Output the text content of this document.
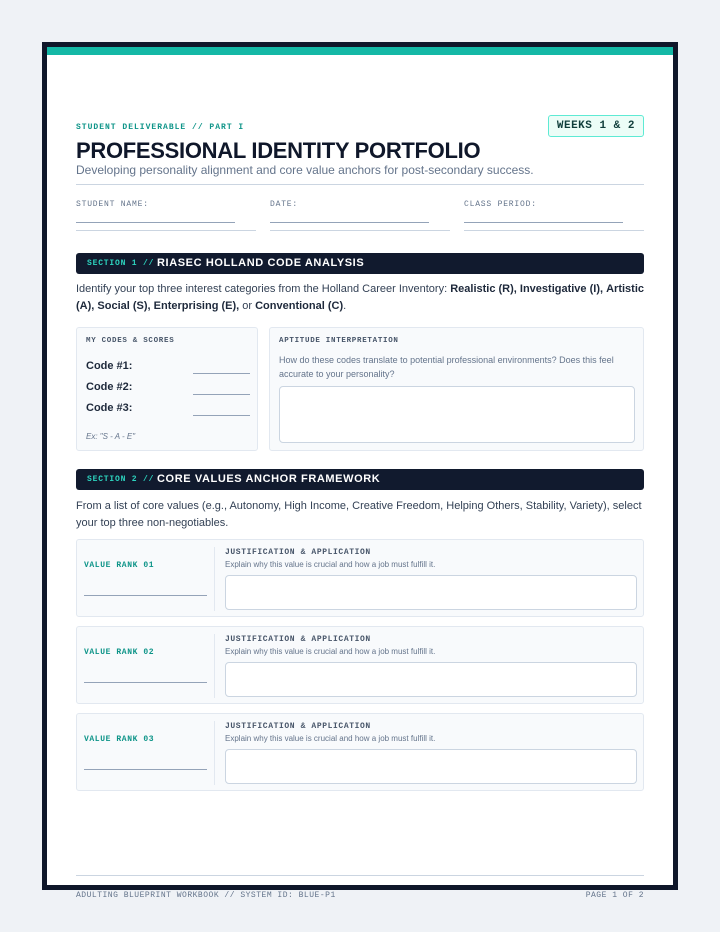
STUDENT DELIVERABLE // PART I	WEEKS 1 & 2
PROFESSIONAL IDENTITY PORTFOLIO
Developing personality alignment and core value anchors for post-secondary success.
STUDENT NAME:	DATE:	CLASS PERIOD:
SECTION 1 // RIASEC HOLLAND CODE ANALYSIS
Identify your top three interest categories from the Holland Career Inventory: Realistic (R), Investigative (I), Artistic (A), Social (S), Enterprising (E), or Conventional (C).
MY CODES & SCORES
Code #1:
Code #2:
Code #3:
Ex: "S - A - E"
APTITUDE INTERPRETATION
How do these codes translate to potential professional environments? Does this feel accurate to your personality?
SECTION 2 // CORE VALUES ANCHOR FRAMEWORK
From a list of core values (e.g., Autonomy, High Income, Creative Freedom, Helping Others, Stability, Variety), select your top three non-negotiables.
VALUE RANK 01
JUSTIFICATION & APPLICATION
Explain why this value is crucial and how a job must fulfill it.
VALUE RANK 02
JUSTIFICATION & APPLICATION
Explain why this value is crucial and how a job must fulfill it.
VALUE RANK 03
JUSTIFICATION & APPLICATION
Explain why this value is crucial and how a job must fulfill it.
ADULTING BLUEPRINT WORKBOOK // SYSTEM ID: BLUE-P1	PAGE 1 OF 2
